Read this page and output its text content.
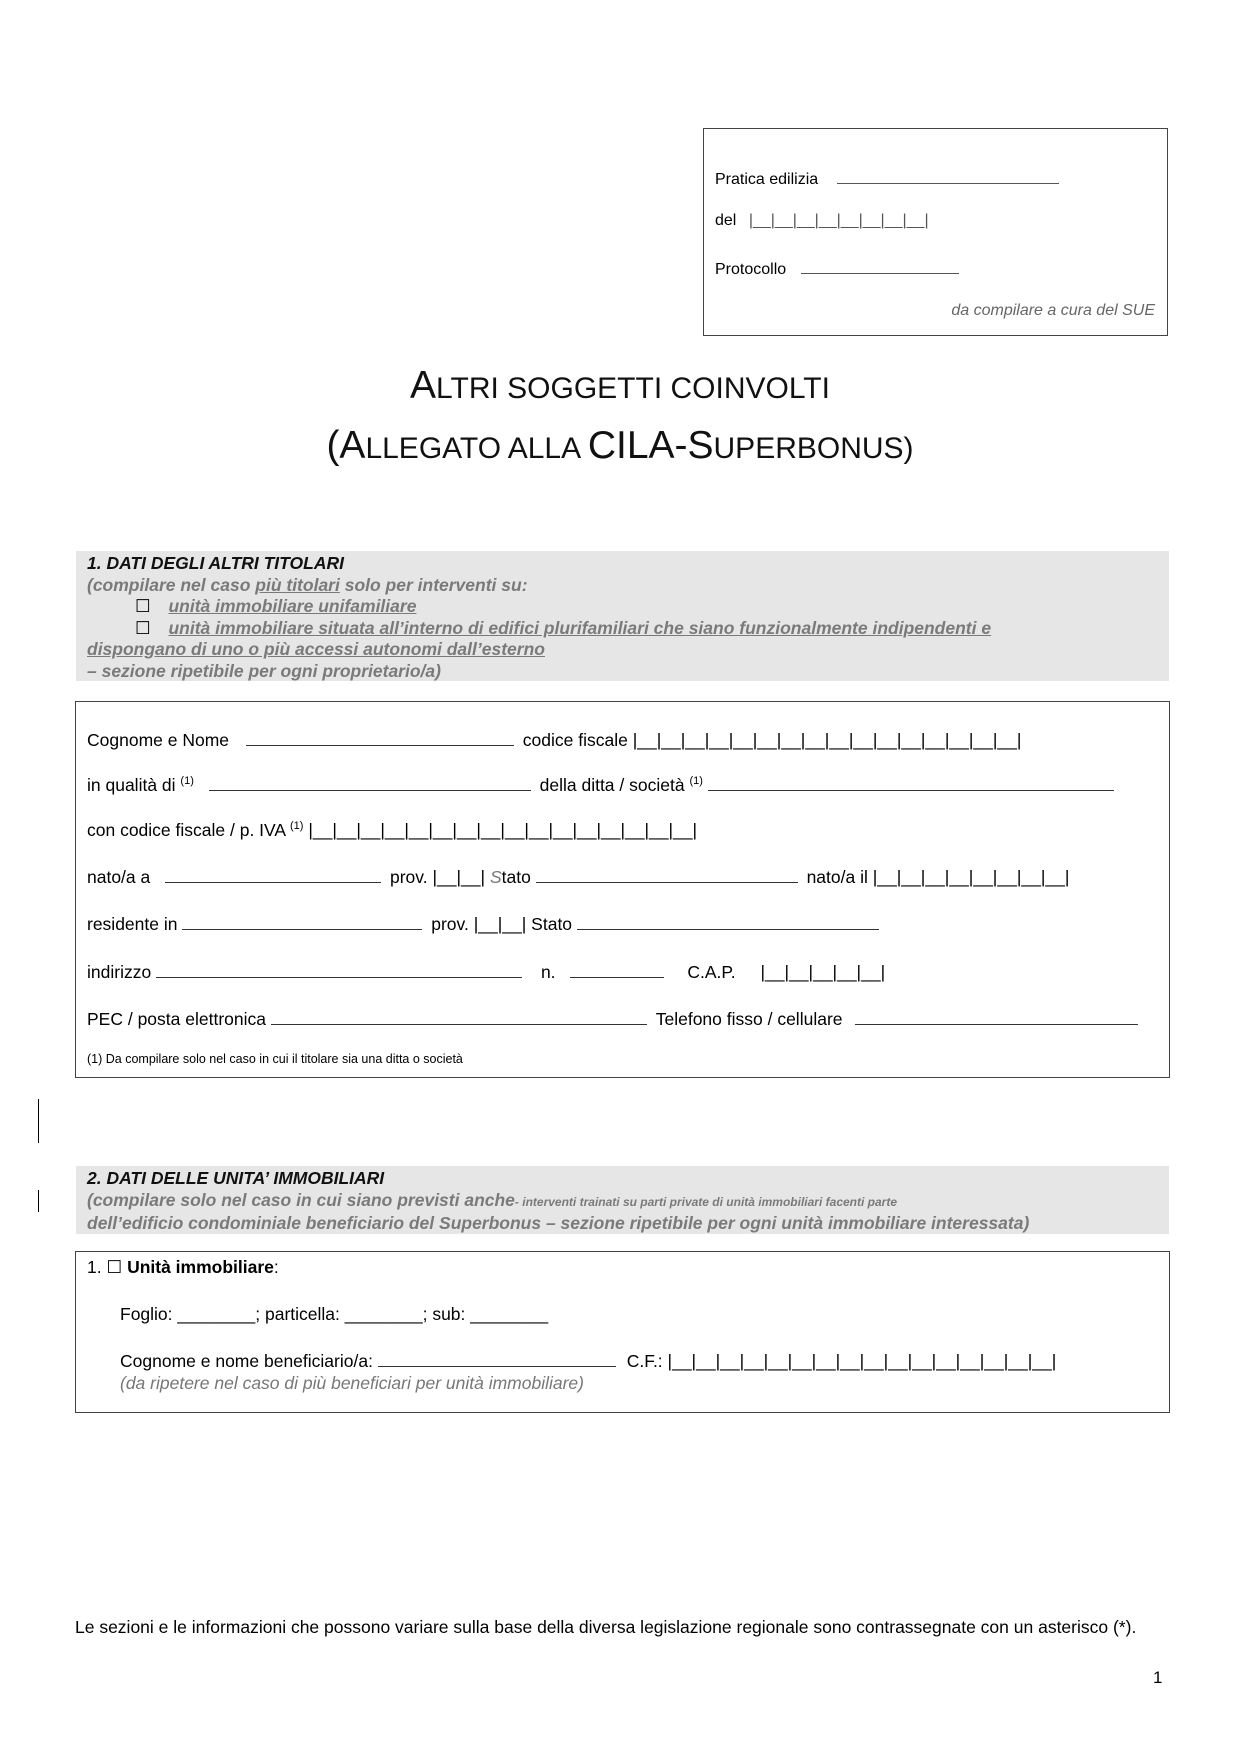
Pratica edilizia
del |__|__|__|__|__|__|__|__|
Protocollo
da compilare a cura del SUE
ALTRI SOGGETTI COINVOLTI
(ALLEGATO ALLA CILA-SUPERBONUS)
1. DATI DEGLI ALTRI TITOLARI
(compilare nel caso più titolari solo per interventi su:
☐ unità immobiliare unifamiliare
☐ unità immobiliare situata all’interno di edifici plurifamiliari che siano funzionalmente indipendenti e
dispongano di uno o più accessi autonomi dall’esterno
– sezione ripetibile per ogni proprietario/a)
Cognome e Nome	codice fiscale |__|__|__|__|__|__|__|__|__|__|__|__|__|__|__|__|
in qualità di $^{(1)}$	della ditta / società $^{(1)}$
con codice fiscale / p. IVA $^{(1)}$ |__|__|__|__|__|__|__|__|__|__|__|__|__|__|__|__|
nato/a a	prov. |__|__| Stato	nato/a il |__|__|__|__|__|__|__|__|
residente in	prov. |__|__| Stato
indirizzo	n.	C.A.P. |__|__|__|__|__|
PEC / posta elettronica	Telefono fisso / cellulare
(1) Da compilare solo nel caso in cui il titolare sia una ditta o società
2. DATI DELLE UNITA’ IMMOBILIARI
(compilare solo nel caso in cui siano previsti anche- interventi trainati su parti private di unità immobiliari facenti parte
dell’edificio condominiale beneficiario del Superbonus – sezione ripetibile per ogni unità immobiliare interessata)
1. ☐ Unità immobiliare:
Foglio: ________; particella: ________; sub: ________
Cognome e nome beneficiario/a:	C.F.: |__|__|__|__|__|__|__|__|__|__|__|__|__|__|__|__|
(da ripetere nel caso di più beneficiari per unità immobiliare)
Le sezioni e le informazioni che possono variare sulla base della diversa legislazione regionale sono contrassegnate con un asterisco (*).
1
